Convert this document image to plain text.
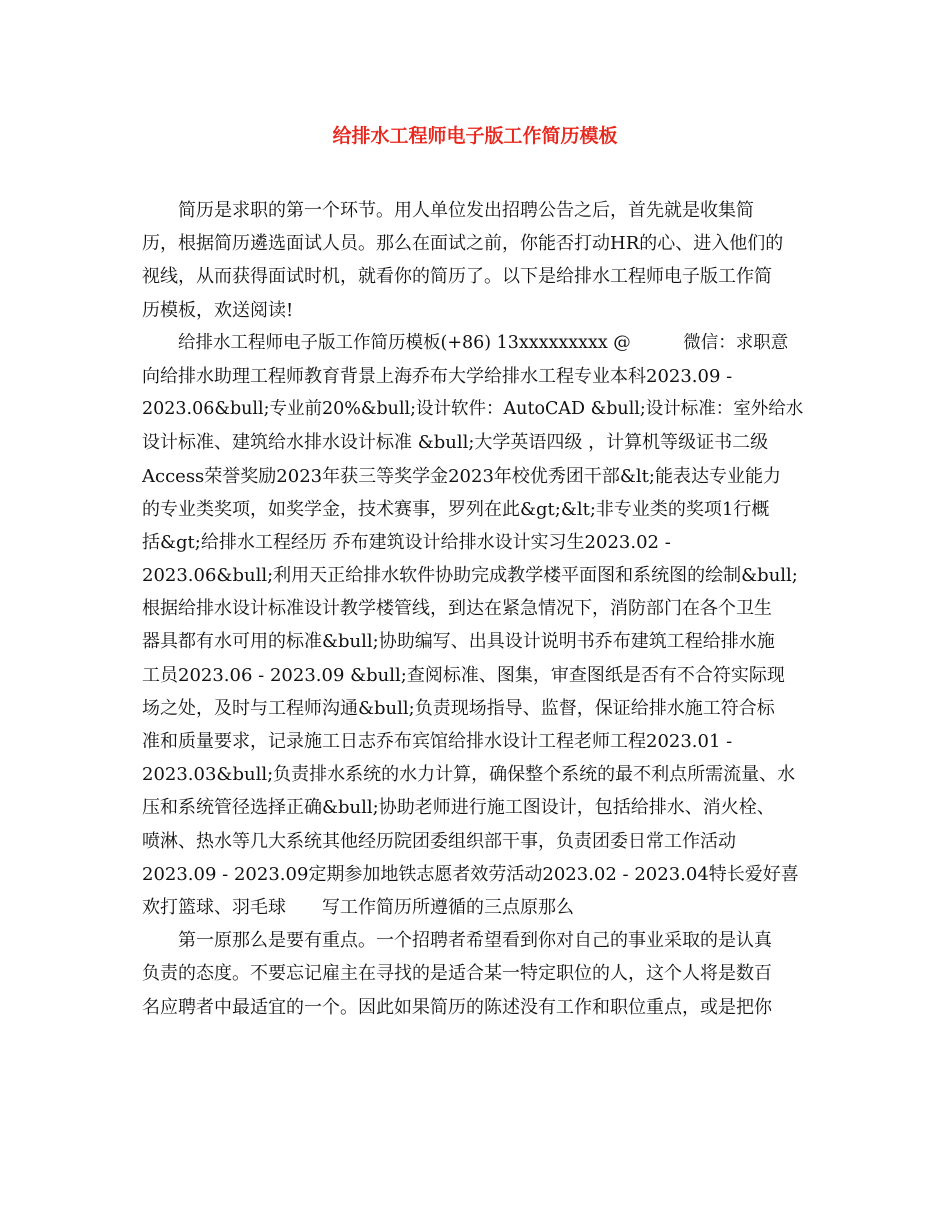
给排水工程师电子版工作简历模板
简历是求职的第一个环节。用人单位发出招聘公告之后，首先就是收集简
历，根据简历遴选面试人员。那么在面试之前，你能否打动HR的心、进入他们的
视线，从而获得面试时机，就看你的简历了。以下是给排水工程师电子版工作简
历模板，欢送阅读!
给排水工程师电子版工作简历模板(+86) 13xxxxxxxxx @　　　微信：求职意
向给排水助理工程师教育背景上海乔布大学给排水工程专业本科2023.09 -
2023.06&bull;专业前20%&bull;设计软件：AutoCAD &bull;设计标准：室外给水
设计标准、建筑给水排水设计标准 &bull;大学英语四级 ，计算机等级证书二级
Access荣誉奖励2023年获三等奖学金2023年校优秀团干部&lt;能表达专业能力
的专业类奖项，如奖学金，技术赛事，罗列在此&gt;&lt;非专业类的奖项1行概
括&gt;给排水工程经历 乔布建筑设计给排水设计实习生2023.02 -
2023.06&bull;利用天正给排水软件协助完成教学楼平面图和系统图的绘制&bull;
根据给排水设计标准设计教学楼管线，到达在紧急情况下，消防部门在各个卫生
器具都有水可用的标准&bull;协助编写、出具设计说明书乔布建筑工程给排水施
工员2023.06 - 2023.09 &bull;查阅标准、图集，审查图纸是否有不合符实际现
场之处，及时与工程师沟通&bull;负责现场指导、监督，保证给排水施工符合标
准和质量要求，记录施工日志乔布宾馆给排水设计工程老师工程2023.01 -
2023.03&bull;负责排水系统的水力计算，确保整个系统的最不利点所需流量、水
压和系统管径选择正确&bull;协助老师进行施工图设计，包括给排水、消火栓、
喷淋、热水等几大系统其他经历院团委组织部干事，负责团委日常工作活动
2023.09 - 2023.09定期参加地铁志愿者效劳活动2023.02 - 2023.04特长爱好喜
欢打篮球、羽毛球　　写工作简历所遵循的三点原那么
第一原那么是要有重点。一个招聘者希望看到你对自己的事业采取的是认真
负责的态度。不要忘记雇主在寻找的是适合某一特定职位的人，这个人将是数百
名应聘者中最适宜的一个。因此如果简历的陈述没有工作和职位重点，或是把你
